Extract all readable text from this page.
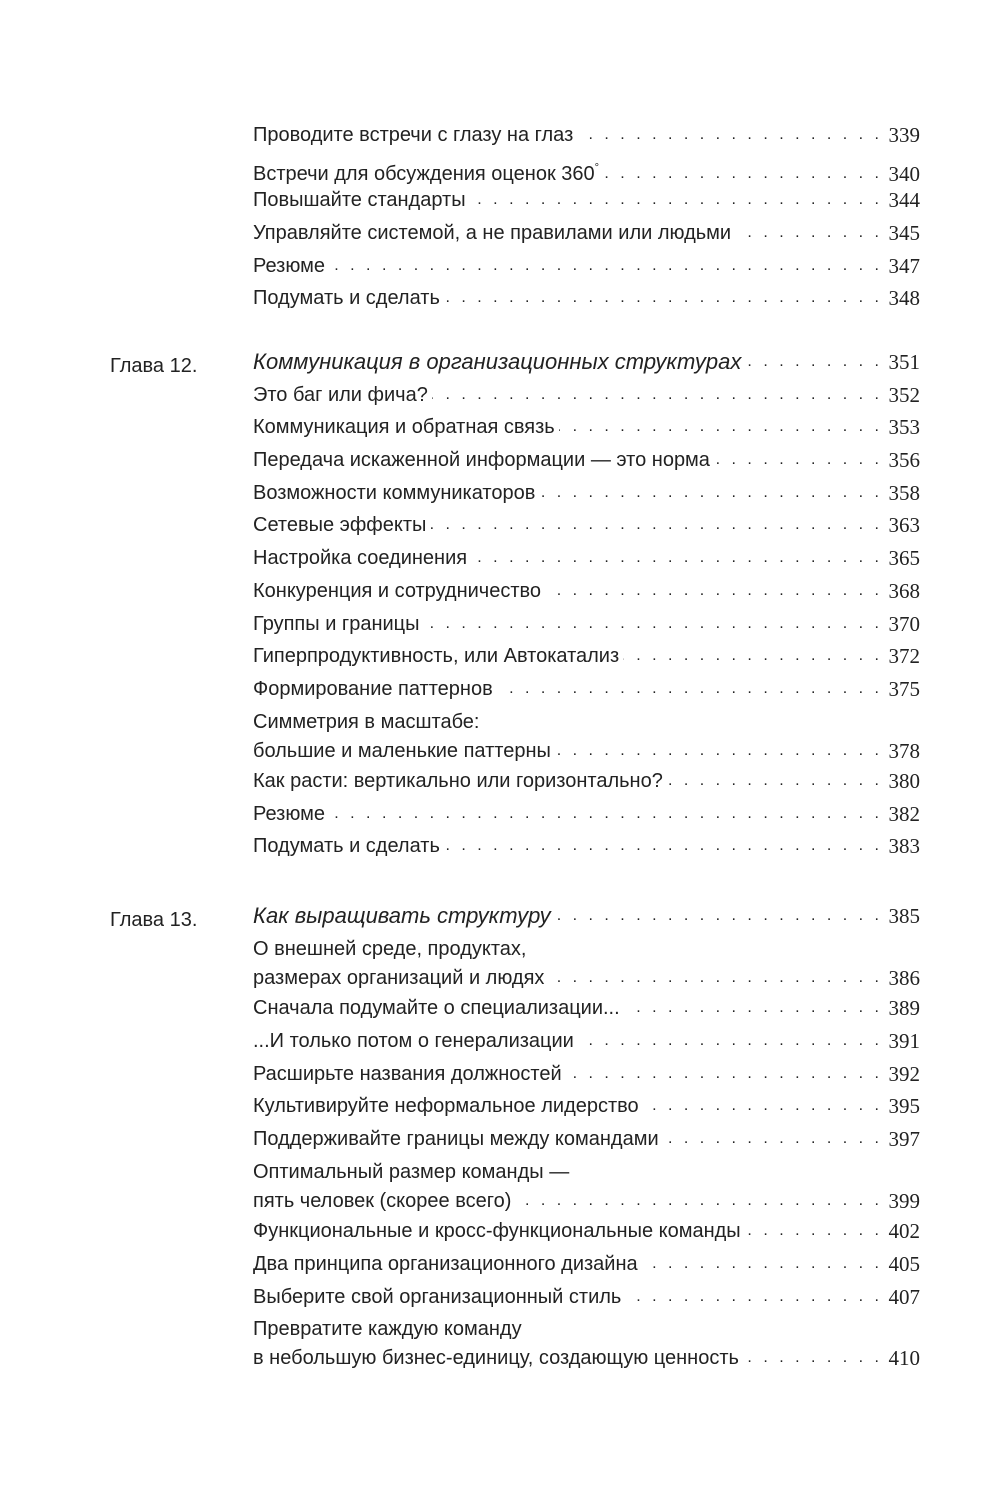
Проводите встречи с глазу на глаз . . .	339
Встречи для обсуждения оценок 360° . . .	340
Повышайте стандарты . . .	344
Управляйте системой, а не правилами или людьми . . .	345
Резюме . . .	347
Подумать и сделать . . .	348
Глава 12.	Коммуникация в организационных структурах . . .	351
Это баг или фича? . . .	352
Коммуникация и обратная связь . . .	353
Передача искаженной информации — это норма . . .	356
Возможности коммуникаторов . . .	358
Сетевые эффекты . . .	363
Настройка соединения . . .	365
Конкуренция и сотрудничество . . .	368
Группы и границы . . .	370
Гиперпродуктивность, или Автокатализ . . .	372
Формирование паттернов . . .	375
Симметрия в масштабе:
большие и маленькие паттерны . . .	378
Как расти: вертикально или горизонтально? . . .	380
Резюме . . .	382
Подумать и сделать . . .	383
Глава 13.	Как выращивать структуру . . .	385
О внешней среде, продуктах,
размерах организаций и людях . . .	386
Сначала подумайте о специализации... . . .	389
...И только потом о генерализации . . .	391
Расширьте названия должностей . . .	392
Культивируйте неформальное лидерство . . .	395
Поддерживайте границы между командами . . .	397
Оптимальный размер команды —
пять человек (скорее всего) . . .	399
Функциональные и кросс-функциональные команды . . .	402
Два принципа организационного дизайна . . .	405
Выберите свой организационный стиль . . .	407
Превратите каждую команду
в небольшую бизнес-единицу, создающую ценность . . .	410
